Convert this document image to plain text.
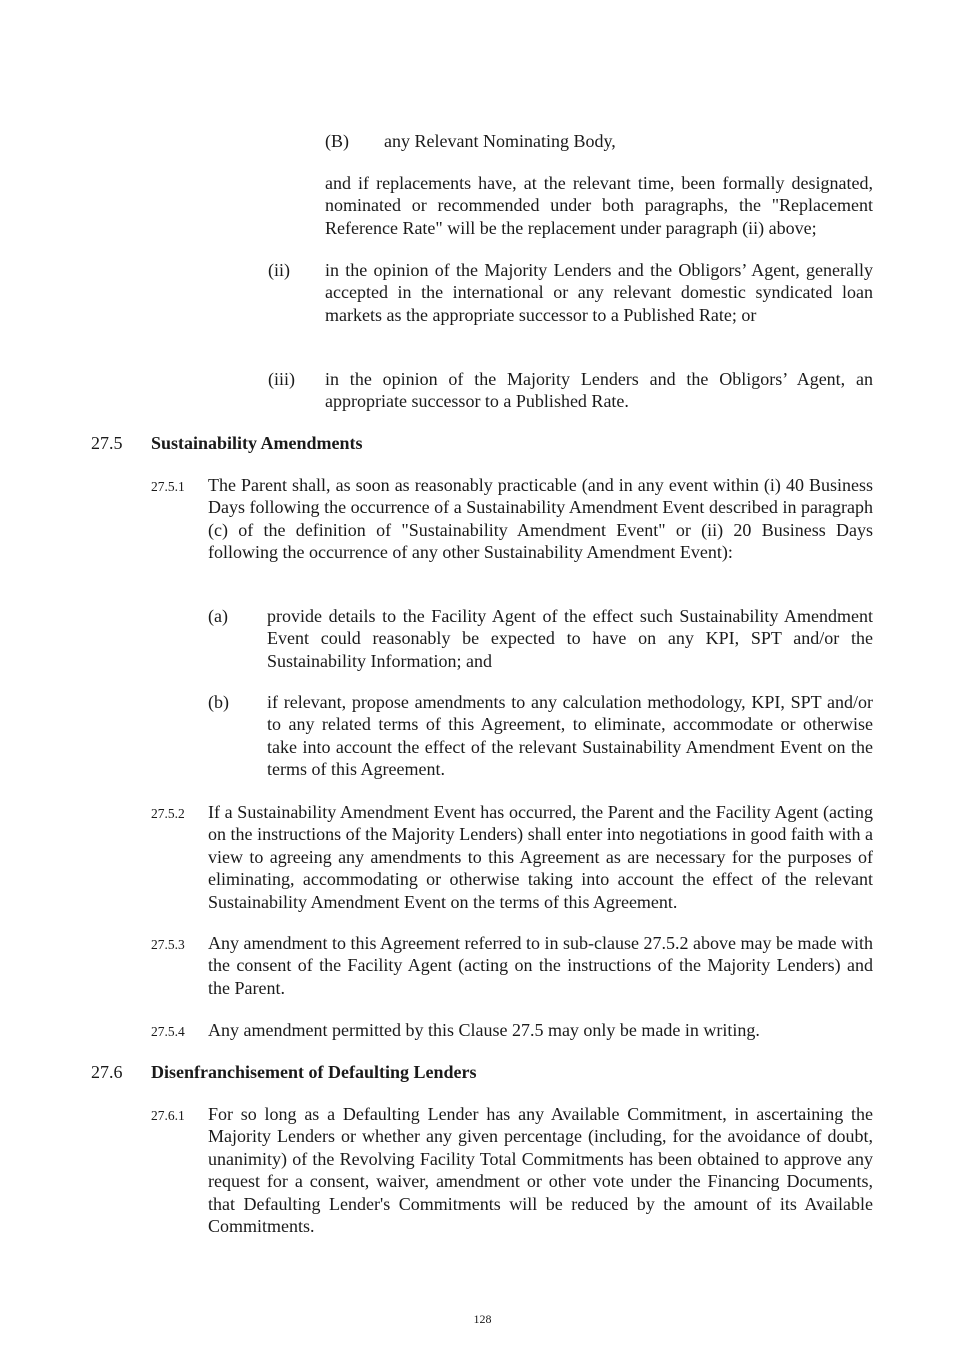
(B) any Relevant Nominating Body,

and if replacements have, at the relevant time, been formally designated, nominated or recommended under both paragraphs, the "Replacement Reference Rate" will be the replacement under paragraph (ii) above;

(ii) in the opinion of the Majority Lenders and the Obligors’ Agent, generally accepted in the international or any relevant domestic syndicated loan markets as the appropriate successor to a Published Rate; or

(iii) in the opinion of the Majority Lenders and the Obligors’ Agent, an appropriate successor to a Published Rate.

27.5 Sustainability Amendments
27.5.1 The Parent shall, as soon as reasonably practicable (and in any event within (i) 40 Business Days following the occurrence of a Sustainability Amendment Event described in paragraph (c) of the definition of "Sustainability Amendment Event" or (ii) 20 Business Days following the occurrence of any other Sustainability Amendment Event):

(a) provide details to the Facility Agent of the effect such Sustainability Amendment Event could reasonably be expected to have on any KPI, SPT and/or the Sustainability Information; and

(b) if relevant, propose amendments to any calculation methodology, KPI, SPT and/or to any related terms of this Agreement, to eliminate, accommodate or otherwise take into account the effect of the relevant Sustainability Amendment Event on the terms of this Agreement.

27.5.2 If a Sustainability Amendment Event has occurred, the Parent and the Facility Agent (acting on the instructions of the Majority Lenders) shall enter into negotiations in good faith with a view to agreeing any amendments to this Agreement as are necessary for the purposes of eliminating, accommodating or otherwise taking into account the effect of the relevant Sustainability Amendment Event on the terms of this Agreement.

27.5.3 Any amendment to this Agreement referred to in sub-clause 27.5.2 above may be made with the consent of the Facility Agent (acting on the instructions of the Majority Lenders) and the Parent.

27.5.4 Any amendment permitted by this Clause 27.5 may only be made in writing.

27.6 Disenfranchisement of Defaulting Lenders
27.6.1 For so long as a Defaulting Lender has any Available Commitment, in ascertaining the Majority Lenders or whether any given percentage (including, for the avoidance of doubt, unanimity) of the Revolving Facility Total Commitments has been obtained to approve any request for a consent, waiver, amendment or other vote under the Financing Documents, that Defaulting Lender's Commitments will be reduced by the amount of its Available Commitments.

128
